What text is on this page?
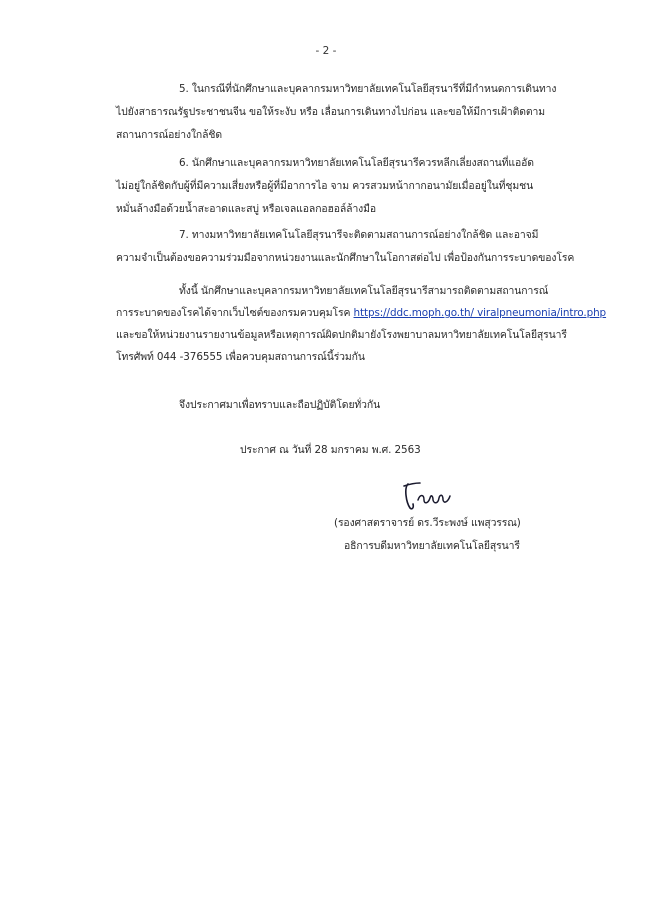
- 2 -
5. ในกรณีที่นักศึกษาและบุคลากรมหาวิทยาลัยเทคโนโลยีสุรนารีที่มีกำหนดการเดินทาง
ไปยังสาธารณรัฐประชาชนจีน ขอให้ระงับ หรือ เลื่อนการเดินทางไปก่อน และขอให้มีการเฝ้าติดตาม
สถานการณ์อย่างใกล้ชิด
6. นักศึกษาและบุคลากรมหาวิทยาลัยเทคโนโลยีสุรนารีควรหลีกเลี่ยงสถานที่แออัด
ไม่อยู่ใกล้ชิดกับผู้ที่มีความเสี่ยงหรือผู้ที่มีอาการไอ จาม ควรสวมหน้ากากอนามัยเมื่ออยู่ในที่ชุมชน
หมั่นล้างมือด้วยน้ำสะอาดและสบู่ หรือเจลแอลกอฮอล์ล้างมือ
7. ทางมหาวิทยาลัยเทคโนโลยีสุรนารีจะติดตามสถานการณ์อย่างใกล้ชิด และอาจมี
ความจำเป็นต้องขอความร่วมมือจากหน่วยงานและนักศึกษาในโอกาสต่อไป เพื่อป้องกันการระบาดของโรค
ทั้งนี้ นักศึกษาและบุคลากรมหาวิทยาลัยเทคโนโลยีสุรนารีสามารถติดตามสถานการณ์
การระบาดของโรคได้จากเว็บไซต์ของกรมควบคุมโรค https://ddc.moph.go.th/ viralpneumonia/intro.php
และขอให้หน่วยงานรายงานข้อมูลหรือเหตุการณ์ผิดปกติมายังโรงพยาบาลมหาวิทยาลัยเทคโนโลยีสุรนารี
โทรศัพท์ 044 -376555 เพื่อควบคุมสถานการณ์นี้ร่วมกัน
จึงประกาศมาเพื่อทราบและถือปฏิบัติโดยทั่วกัน
ประกาศ ณ วันที่ 28 มกราคม พ.ศ. 2563
(รองศาสตราจารย์ ดร.วีระพงษ์ แพสุวรรณ)
อธิการบดีมหาวิทยาลัยเทคโนโลยีสุรนารี
